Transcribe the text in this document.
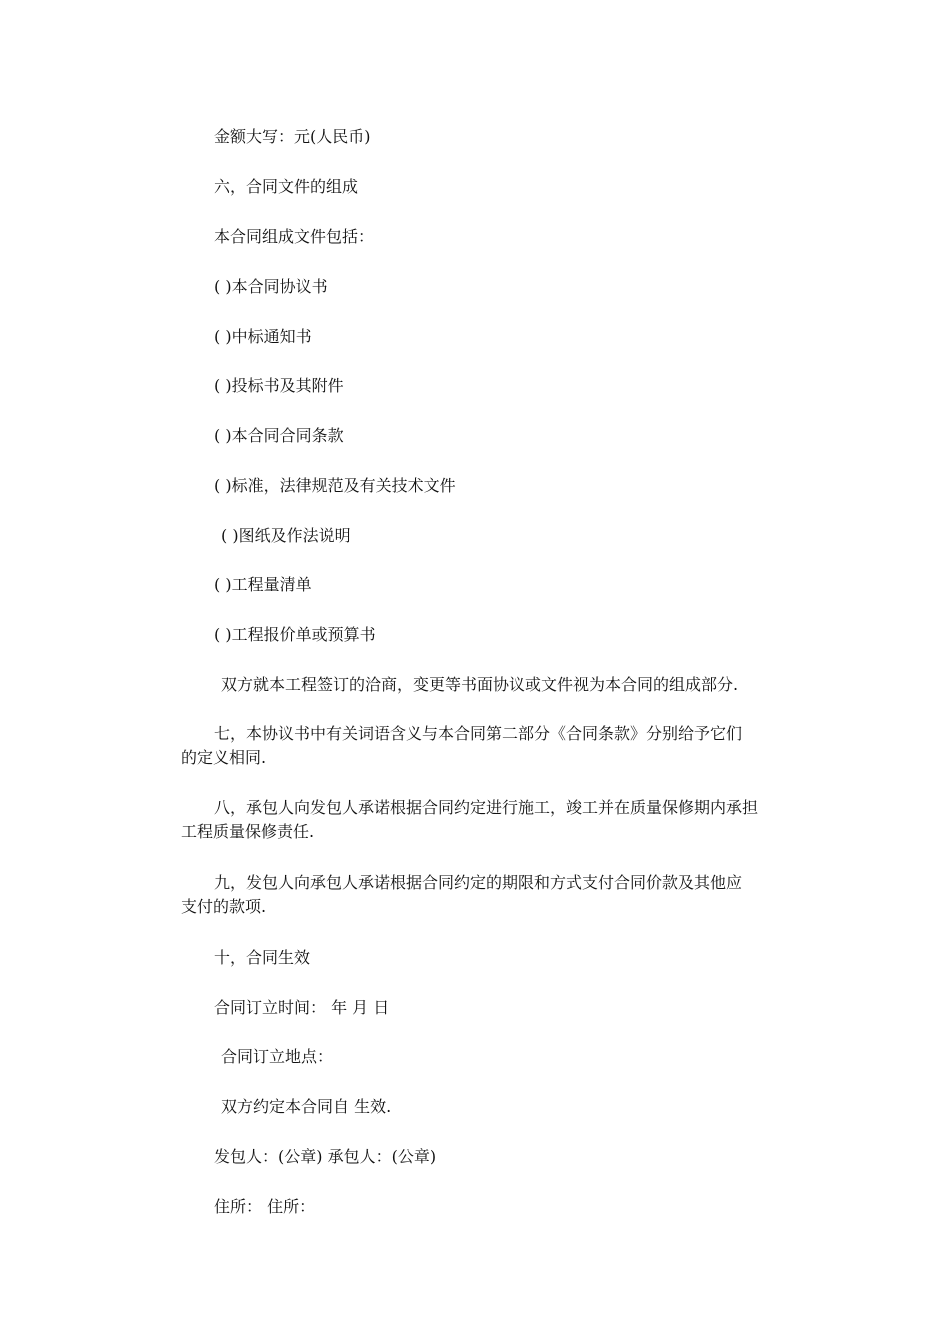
金额大写：元(人民币)
六，合同文件的组成
本合同组成文件包括：
( )本合同协议书
( )中标通知书
( )投标书及其附件
( )本合同合同条款
( )标准，法律规范及有关技术文件
( )图纸及作法说明
( )工程量清单
( )工程报价单或预算书
双方就本工程签订的洽商，变更等书面协议或文件视为本合同的组成部分.
七，本协议书中有关词语含义与本合同第二部分《合同条款》分别给予它们
的定义相同.
八，承包人向发包人承诺根据合同约定进行施工，竣工并在质量保修期内承担
工程质量保修责任.
九，发包人向承包人承诺根据合同约定的期限和方式支付合同价款及其他应
支付的款项.
十，合同生效
合同订立时间： 年 月 日
合同订立地点：
双方约定本合同自 生效.
发包人：(公章) 承包人：(公章)
住所： 住所：
